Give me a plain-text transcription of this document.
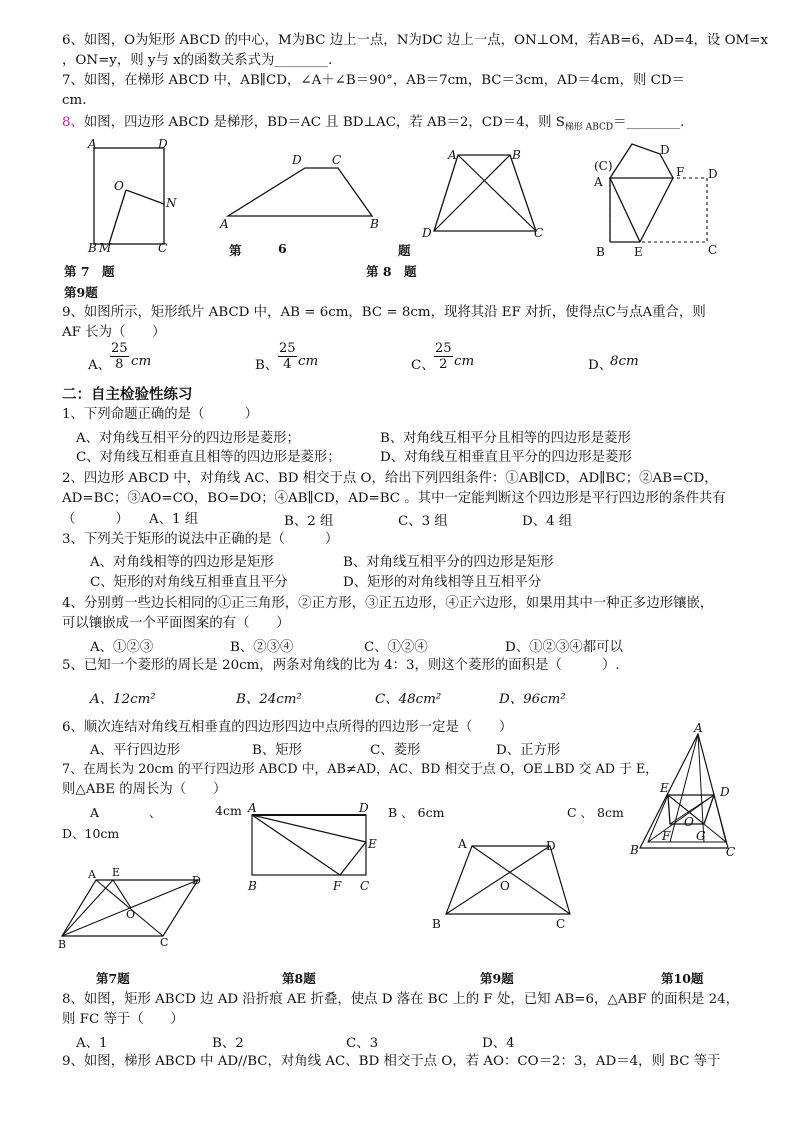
6、如图，O为矩形 ABCD 的中心，M为BC 边上一点，N为DC 边上一点，ON⊥OM，若AB=6，AD=4，设 OM=x
，ON=y，则 y与 x的函数关系式为________.
7、如图，在梯形 ABCD 中，AB∥CD，∠A＋∠B＝90°，AB＝7cm，BC＝3cm，AD＝4cm，则 CD＝
cm.
8、如图，四边形 ABCD 是梯形，BD＝AC 且 BD⊥AC，若 AB＝2，CD＝4，则 $S_{梯形 ABCD}=\_\_\_\_\_\_\_\_$.
A	D
O
N
B M	C
D	C
A	B
A	B
D	C
(C)
A
D
F D
B E	C
第	6	题
第 7　题	第 8　题
第9题
9、如图所示，矩形纸片 ABCD 中，AB = 6cm，BC = 8cm，现将其沿 EF 对折，使得点C与点A重合，则
AF 长为（　　）
A、
$\frac{25}{8}$ cm	B、 $\frac{25}{4}$ cm	C、 $\frac{25}{2}$ cm	D、
8cm
二：自主检验性练习
1、下列命题正确的是（　　　）
A、对角线互相平分的四边形是菱形；	B、对角线互相平分且相等的四边形是菱形
C、对角线互相垂直且相等的四边形是菱形；	D、对角线互相垂直且平分的四边形是菱形
2、四边形 ABCD 中，对角线 AC、BD 相交于点 O，给出下列四组条件：①AB∥CD，AD∥BC；②AB=CD，
AD=BC；③AO=CO，BO=DO；④AB∥CD，AD=BC 。其中一定能判断这个四边形是平行四边形的条件共有
（　　　）　　A、1 组	B、2 组	C、3 组	D、4 组
3、下列关于矩形的说法中正确的是（　　　）
A、对角线相等的四边形是矩形	B、对角线互相平分的四边形是矩形
C、矩形的对角线互相垂直且平分	D、矩形的对角线相等且互相平分
4、分别剪一些边长相同的①正三角形，②正方形，③正五边形，④正六边形，如果用其中一种正多边形镶嵌，
可以镶嵌成一个平面图案的有（　　）
A、①②③	B、②③④	C、①②④	D、①②③④都可以
5、已知一个菱形的周长是 20cm，两条对角线的比为 4：3，则这个菱形的面积是（　　　）.
A、12cm²	B、24cm²	C、48cm²	D、96cm²
6、顺次连结对角线互相垂直的四边形四边中点所得的四边形一定是（　　）
A、平行四边形	B、矩形	C、菱形	D、正方形
7、在周长为 20cm 的平行四边形 ABCD 中，AB≠AD，AC、BD 相交于点 O，OE⊥BD 交 AD 于 E，
则△ABE 的周长为（　　）
A　　　　、	4cm	B 、 6cm	C 、 8cm
D、10cm
A E
D
O
B	C
A	D
E
B	F C
A	D
O
B	C
A
E	D
O
F G
B	C
第7题	第8题	第9题	第10题
8、如图，矩形 ABCD 边 AD 沿折痕 AE 折叠，使点 D 落在 BC 上的 F 处，已知 AB=6，△ABF 的面积是 24，
则 FC 等于（　　）
A、1	B、2	C、3	D、4
9、如图，梯形 ABCD 中 AD//BC，对角线 AC、BD 相交于点 O，若 AO：CO＝2：3，AD＝4，则 BC 等于
